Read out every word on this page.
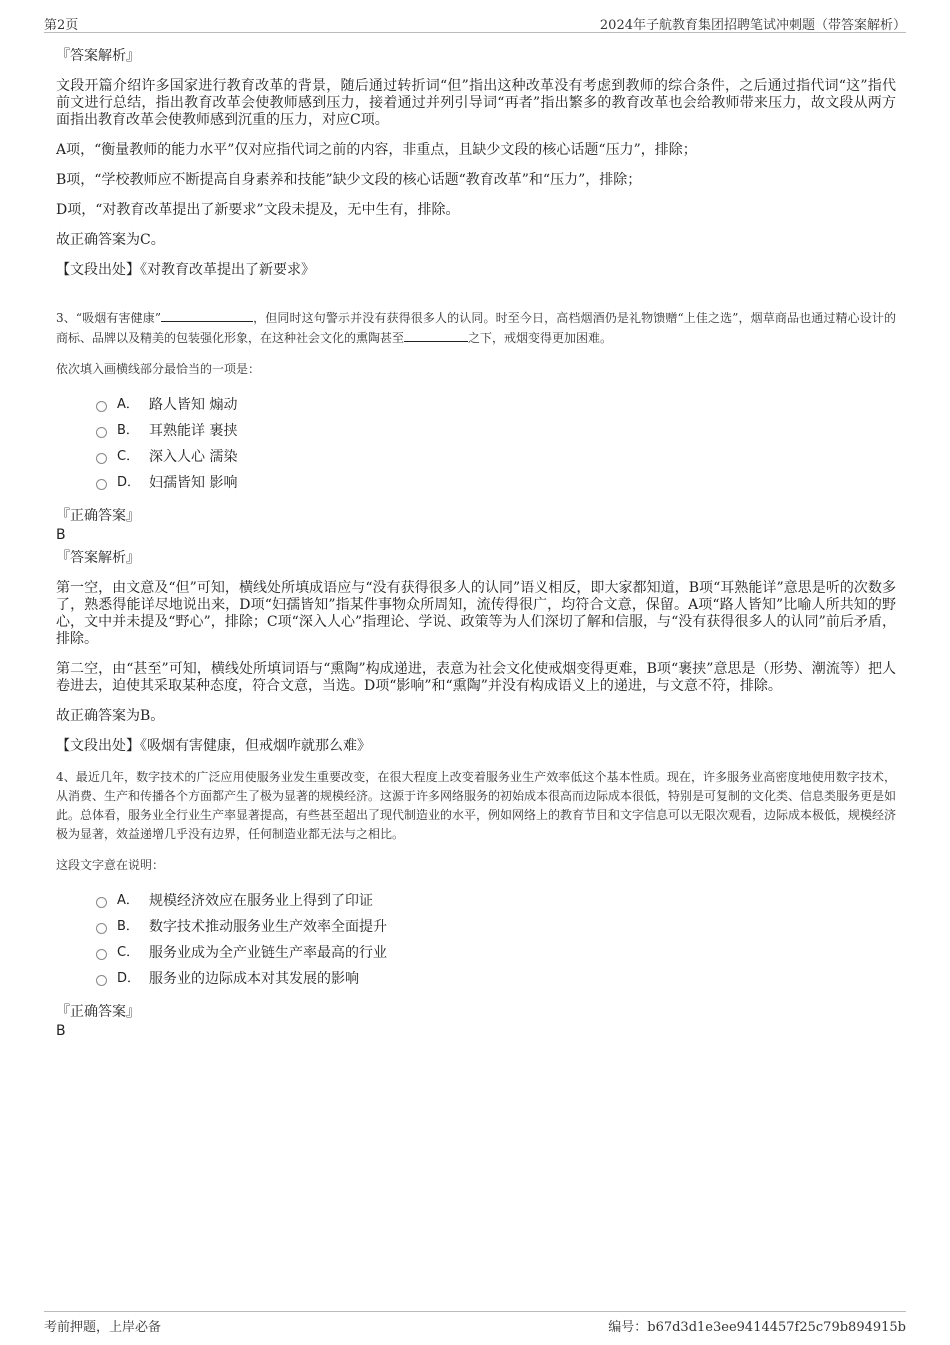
第2页	2024年子航教育集团招聘笔试冲刺题（带答案解析）
『答案解析』

文段开篇介绍许多国家进行教育改革的背景，随后通过转折词“但”指出这种改革没有考虑到教师的综合条件，之后通过指代词“这”指代前文进行总结，指出教育改革会使教师感到压力，接着通过并列引导词“再者”指出繁多的教育改革也会给教师带来压力，故文段从两方面指出教育改革会使教师感到沉重的压力，对应C项。

A项，“衡量教师的能力水平”仅对应指代词之前的内容，非重点，且缺少文段的核心话题“压力”，排除；

B项，“学校教师应不断提高自身素养和技能”缺少文段的核心话题“教育改革”和“压力”，排除；

D项，“对教育改革提出了新要求”文段未提及，无中生有，排除。

故正确答案为C。

【文段出处】《对教育改革提出了新要求》

3、“吸烟有害健康”	，但同时这句警示并没有获得很多人的认同。时至今日，高档烟酒仍是礼物馈赠“上佳之选”，烟草商品也通过精心设计的商标、品牌以及精美的包装强化形象，在这种社会文化的熏陶甚至	之下，戒烟变得更加困难。

依次填入画横线部分最恰当的一项是：

A． 路人皆知 煽动
B． 耳熟能详 裹挟
C． 深入人心 濡染
D． 妇孺皆知 影响
『正确答案』
B
『答案解析』

第一空，由文意及“但”可知，横线处所填成语应与“没有获得很多人的认同”语义相反，即大家都知道，B项“耳熟能详”意思是听的次数多了，熟悉得能详尽地说出来，D项“妇孺皆知”指某件事物众所周知，流传得很广，均符合文意，保留。A项“路人皆知”比喻人所共知的野心，文中并未提及“野心”，排除；C项“深入人心”指理论、学说、政策等为人们深切了解和信服，与“没有获得很多人的认同”前后矛盾，排除。

第二空，由“甚至”可知，横线处所填词语与“熏陶”构成递进，表意为社会文化使戒烟变得更难，B项“裹挟”意思是（形势、潮流等）把人卷进去，迫使其采取某种态度，符合文意，当选。D项“影响”和“熏陶”并没有构成语义上的递进，与文意不符，排除。

故正确答案为B。

【文段出处】《吸烟有害健康，但戒烟咋就那么难》

4、最近几年，数字技术的广泛应用使服务业发生重要改变，在很大程度上改变着服务业生产效率低这个基本性质。现在，许多服务业高密度地使用数字技术，从消费、生产和传播各个方面都产生了极为显著的规模经济。这源于许多网络服务的初始成本很高而边际成本很低，特别是可复制的文化类、信息类服务更是如此。总体看，服务业全行业生产率显著提高，有些甚至超出了现代制造业的水平，例如网络上的教育节目和文字信息可以无限次观看，边际成本极低，规模经济极为显著，效益递增几乎没有边界，任何制造业都无法与之相比。

这段文字意在说明：

A． 规模经济效应在服务业上得到了印证
B． 数字技术推动服务业生产效率全面提升
C． 服务业成为全产业链生产率最高的行业
D． 服务业的边际成本对其发展的影响
『正确答案』
B
考前押题，上岸必备	编号：b67d3d1e3ee9414457f25c79b894915b
